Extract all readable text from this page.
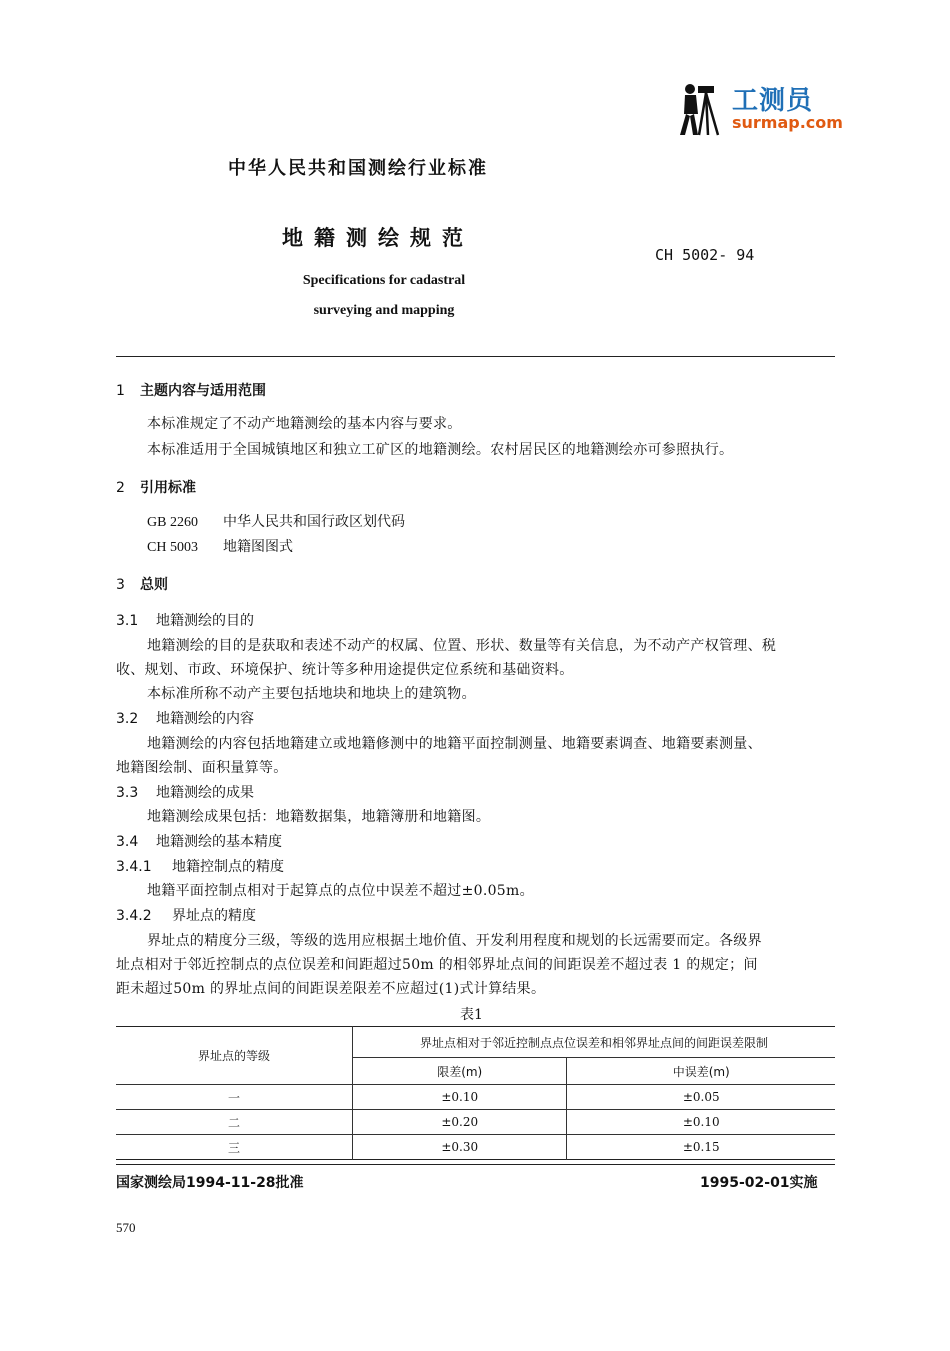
工测员
surmap.com
中华人民共和国测绘行业标准
地籍测绘规范
CH 5002- 94
Specifications for cadastral
surveying and mapping
1 主题内容与适用范围
本标准规定了不动产地籍测绘的基本内容与要求。
本标准适用于全国城镇地区和独立工矿区的地籍测绘。农村居民区的地籍测绘亦可参照执行。
2 引用标准
GB 2260 中华人民共和国行政区划代码
CH 5003 地籍图图式
3 总则
3.1 地籍测绘的目的
地籍测绘的目的是获取和表述不动产的权属、位置、形状、数量等有关信息，为不动产产权管理、税
收、规划、市政、环境保护、统计等多种用途提供定位系统和基础资料。
本标准所称不动产主要包括地块和地块上的建筑物。
3.2 地籍测绘的内容
地籍测绘的内容包括地籍建立或地籍修测中的地籍平面控制测量、地籍要素调查、地籍要素测量、
地籍图绘制、面积量算等。
3.3 地籍测绘的成果
地籍测绘成果包括：地籍数据集，地籍簿册和地籍图。
3.4 地籍测绘的基本精度
3.4.1 地籍控制点的精度
地籍平面控制点相对于起算点的点位中误差不超过±0.05m。
3.4.2 界址点的精度
界址点的精度分三级，等级的选用应根据土地价值、开发利用程度和规划的长远需要而定。各级界
址点相对于邻近控制点的点位误差和间距超过50m 的相邻界址点间的间距误差不超过表 1 的规定；间
距未超过50m 的界址点间的间距误差限差不应超过(1)式计算结果。
表1
界址点的等级	界址点相对于邻近控制点点位误差和相邻界址点间的间距误差限制	
	限差(m)	中误差(m)
一	±0.10	±0.05
二	±0.20	±0.10
三	±0.30	±0.15
国家测绘局1994-11-28批准	1995-02-01实施
570
